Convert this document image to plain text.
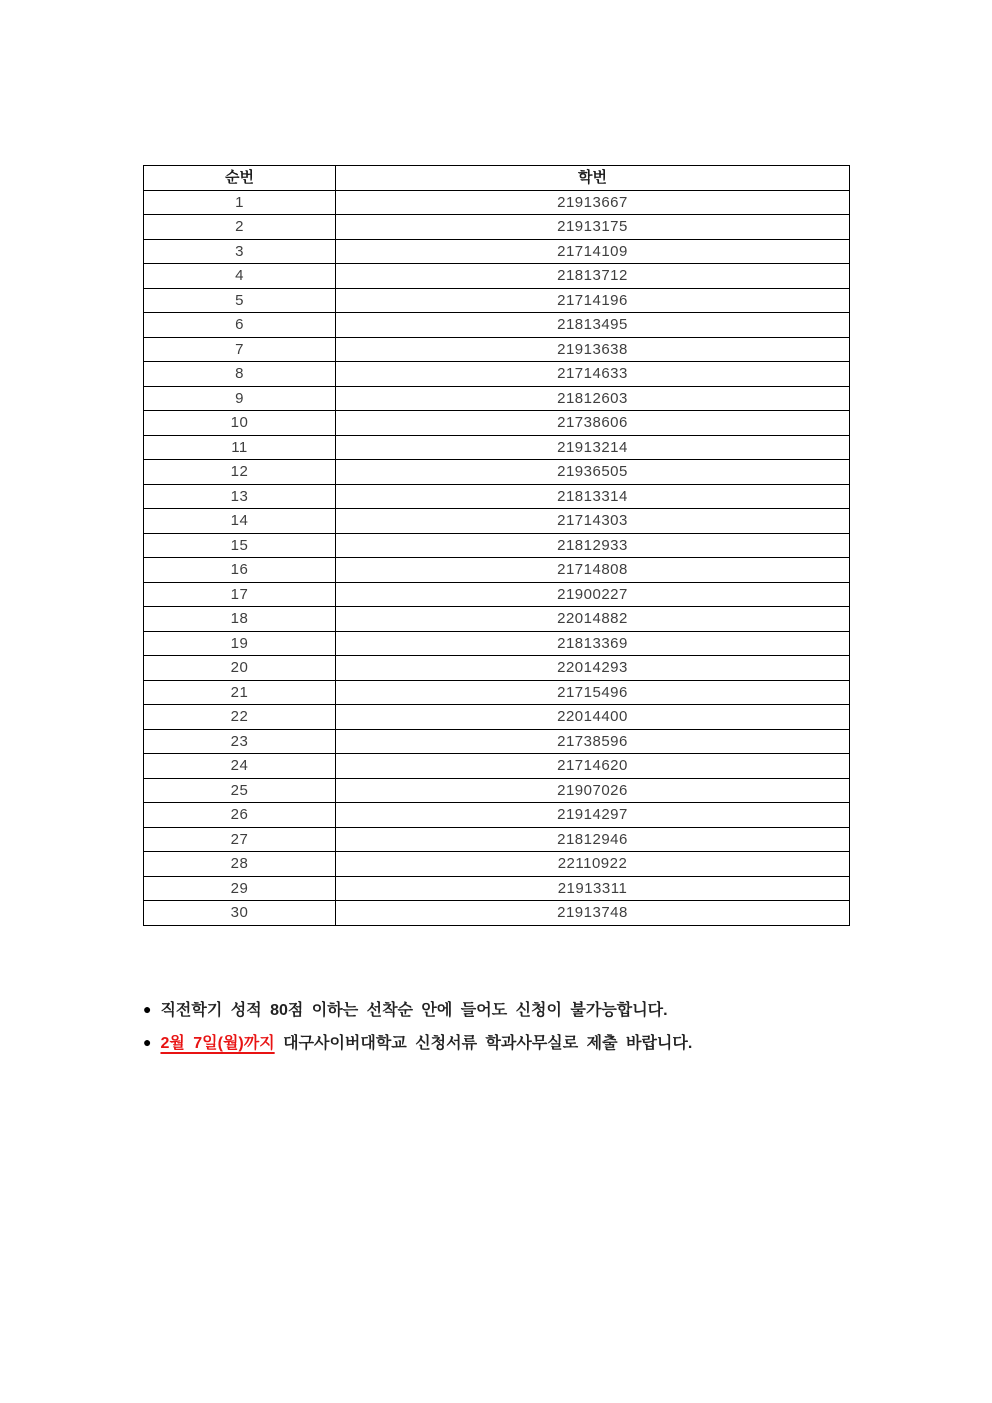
순번	학번
1	21913667
2	21913175
3	21714109
4	21813712
5	21714196
6	21813495
7	21913638
8	21714633
9	21812603
10	21738606
11	21913214
12	21936505
13	21813314
14	21714303
15	21812933
16	21714808
17	21900227
18	22014882
19	21813369
20	22014293
21	21715496
22	22014400
23	21738596
24	21714620
25	21907026
26	21914297
27	21812946
28	22110922
29	21913311
30	21913748
● 직전학기 성적 80점 이하는 선착순 안에 들어도 신청이 불가능합니다.
● 2월 7일(월)까지 대구사이버대학교 신청서류 학과사무실로 제출 바랍니다.
